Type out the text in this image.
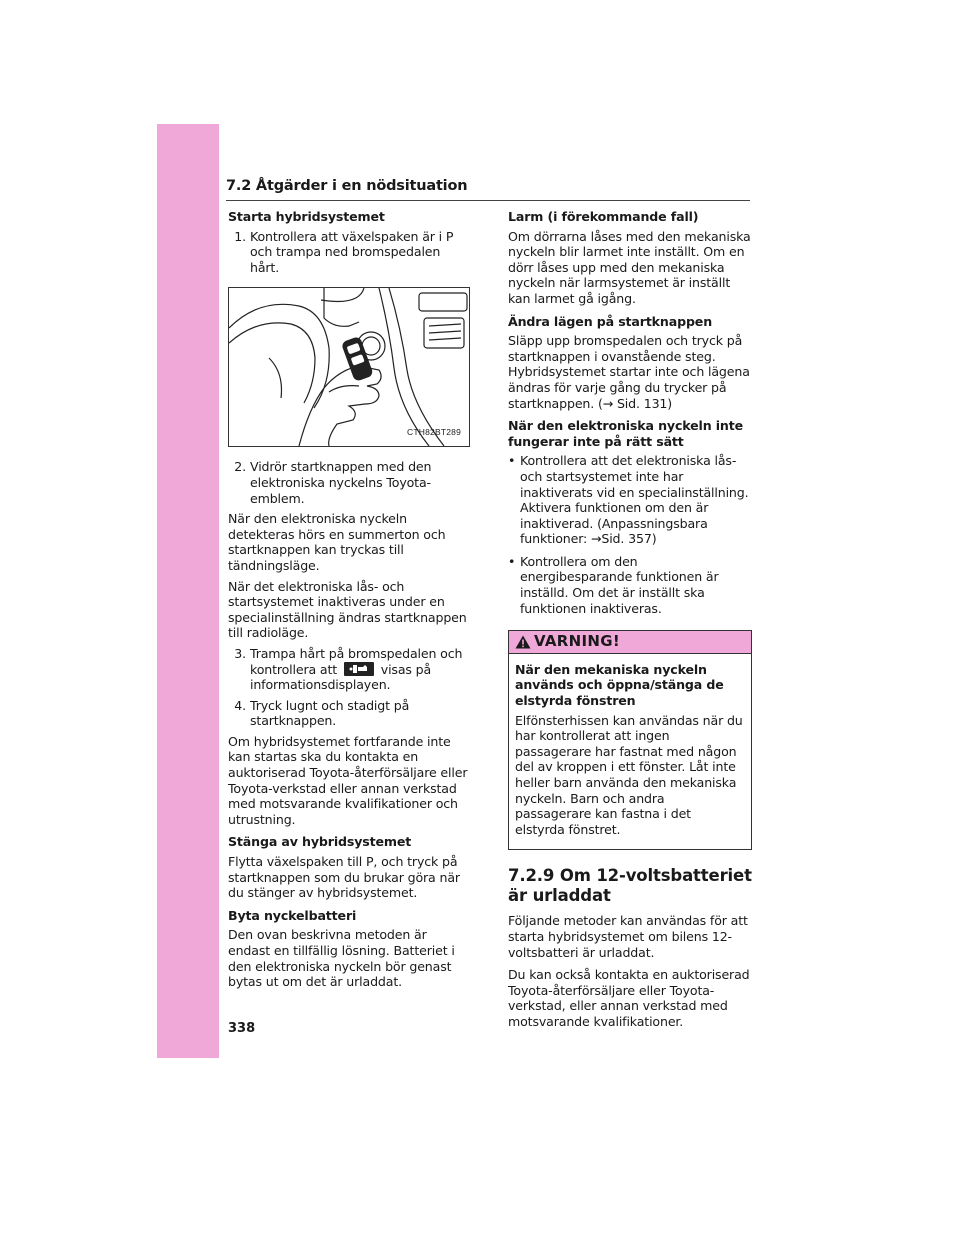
7.2 Åtgärder i en nödsituation

Starta hybridsystemet

1. Kontrollera att växelspaken är i P och trampa ned bromspedalen hårt.
CTH82BT289
2. Vidrör startknappen med den elektroniska nyckelns Toyota-emblem.

När den elektroniska nyckeln detekteras hörs en summerton och startknappen kan tryckas till tändningsläge.

När det elektroniska lås- och startsystemet inaktiveras under en specialinställning ändras startknappen till radioläge.

3. Trampa hårt på bromspedalen och kontrollera att	visas på informationsdisplayen.
4. Tryck lugnt och stadigt på startknappen.

Om hybridsystemet fortfarande inte kan startas ska du kontakta en auktoriserad Toyota-återförsäljare eller Toyota-verkstad eller annan verkstad med motsvarande kvalifikationer och utrustning.

Stänga av hybridsystemet

Flytta växelspaken till P, och tryck på startknappen som du brukar göra när du stänger av hybridsystemet.

Byta nyckelbatteri

Den ovan beskrivna metoden är endast en tillfällig lösning. Batteriet i den elektroniska nyckeln bör genast bytas ut om det är urladdat.

Larm (i förekommande fall)

Om dörrarna låses med den mekaniska nyckeln blir larmet inte inställt. Om en dörr låses upp med den mekaniska nyckeln när larmsystemet är inställt kan larmet gå igång.

Ändra lägen på startknappen

Släpp upp bromspedalen och tryck på startknappen i ovanstående steg. Hybridsystemet startar inte och lägena ändras för varje gång du trycker på startknappen. (→ Sid. 131)

När den elektroniska nyckeln inte fungerar inte på rätt sätt

• Kontrollera att det elektroniska lås- och startsystemet inte har inaktiverats vid en specialinställning. Aktivera funktionen om den är inaktiverad. (Anpassningsbara funktioner: →Sid. 357)
• Kontrollera om den energibesparande funktionen är inställd. Om det är inställt ska funktionen inaktiveras.
VARNING!

När den mekaniska nyckeln används och öppna/stänga de elstyrda fönstren

Elfönsterhissen kan användas när du har kontrollerat att ingen passagerare har fastnat med någon del av kroppen i ett fönster. Låt inte heller barn använda den mekaniska nyckeln. Barn och andra passagerare kan fastna i det elstyrda fönstret.

7.2.9 Om 12-voltsbatteriet är urladdat

Följande metoder kan användas för att starta hybridsystemet om bilens 12-voltsbatteri är urladdat.

Du kan också kontakta en auktoriserad Toyota-återförsäljare eller Toyota-verkstad, eller annan verkstad med motsvarande kvalifikationer.

338
